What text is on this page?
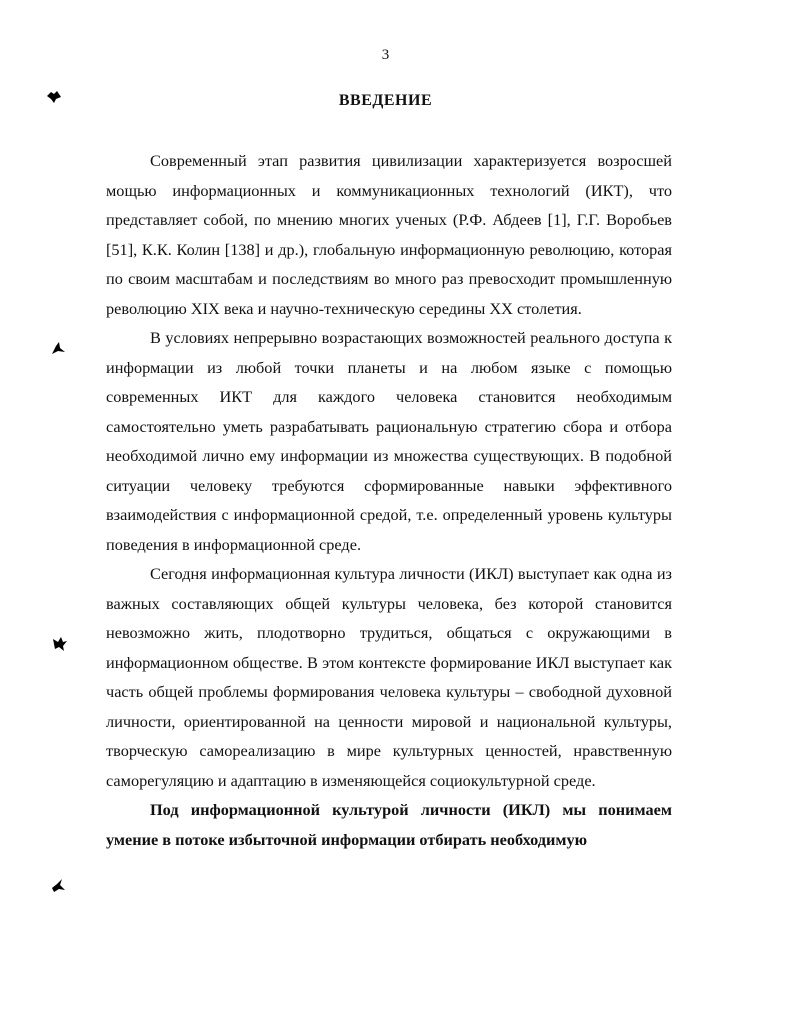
3
ВВЕДЕНИЕ

Современный этап развития цивилизации характеризуется возросшей мощью информационных и коммуникационных технологий (ИКТ), что представляет собой, по мнению многих ученых (Р.Ф. Абдеев [1], Г.Г. Воробьев [51], К.К. Колин [138] и др.), глобальную информационную революцию, которая по своим масштабам и последствиям во много раз превосходит промышленную революцию XIX века и научно-техническую середины XX столетия.

В условиях непрерывно возрастающих возможностей реального доступа к информации из любой точки планеты и на любом языке с помощью современных ИКТ для каждого человека становится необходимым самостоятельно уметь разрабатывать рациональную стратегию сбора и отбора необходимой лично ему информации из множества существующих. В подобной ситуации человеку требуются сформированные навыки эффективного взаимодействия с информационной средой, т.е. определенный уровень культуры поведения в информационной среде.

Сегодня информационная культура личности (ИКЛ) выступает как одна из важных составляющих общей культуры человека, без которой становится невозможно жить, плодотворно трудиться, общаться с окружающими в информационном обществе. В этом контексте формирование ИКЛ выступает как часть общей проблемы формирования человека культуры – свободной духовной личности, ориентированной на ценности мировой и национальной культуры, творческую самореализацию в мире культурных ценностей, нравственную саморегуляцию и адаптацию в изменяющейся социокультурной среде.

Под информационной культурой личности (ИКЛ) мы понимаем умение в потоке избыточной информации отбирать необходимую
